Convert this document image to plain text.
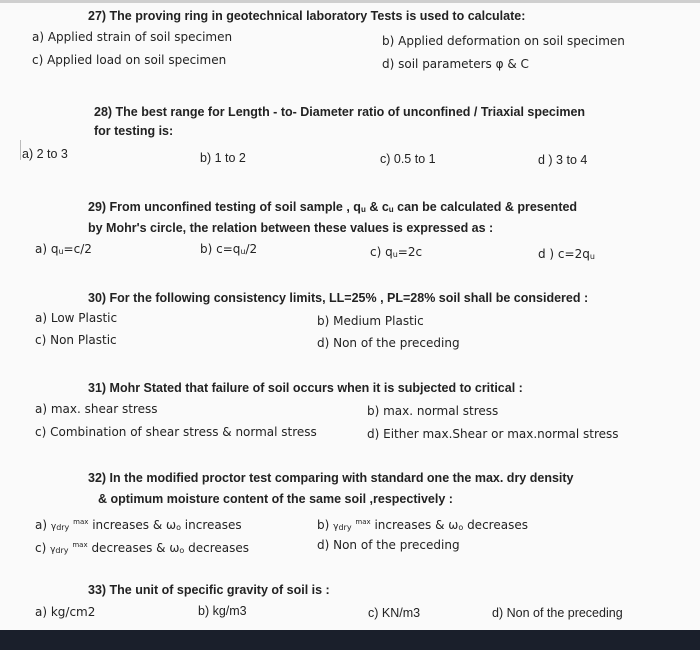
27) The proving ring in geotechnical laboratory Tests is used to calculate:
a) Applied strain of soil specimen	b) Applied deformation on soil specimen
c) Applied load on soil specimen	d) soil parameters φ & C
28) The best range for Length - to- Diameter ratio of unconfined / Triaxial specimen
for testing is:
a) 2 to 3	b) 1 to 2	c) 0.5 to 1	d ) 3 to 4
29) From unconfined testing of soil sample , qu & cu can be calculated & presented
by Mohr's circle, the relation between these values is expressed as :
a) qu=c/2	b) c=qu/2	c) qu=2c	d ) c=2qu
30) For the following consistency limits, LL=25% , PL=28% soil shall be considered :
a) Low Plastic	b) Medium Plastic
c) Non Plastic	d) Non of the preceding
31) Mohr Stated that failure of soil occurs when it is subjected to critical :
a) max. shear stress	b) max. normal stress
c) Combination of shear stress & normal stress	d) Either max.Shear or max.normal stress
32) In the modified proctor test comparing with standard one the max. dry density
& optimum moisture content of the same soil ,respectively :
a) γdry $^{max}$ increases & ωo increases	b) γdry $^{max}$ increases & ωo decreases
c) γdry $^{max}$ decreases & ωo decreases	d) Non of the preceding
33) The unit of specific gravity of soil is :
a) kg/cm2	b) kg/m3	c) KN/m3	d) Non of the preceding
